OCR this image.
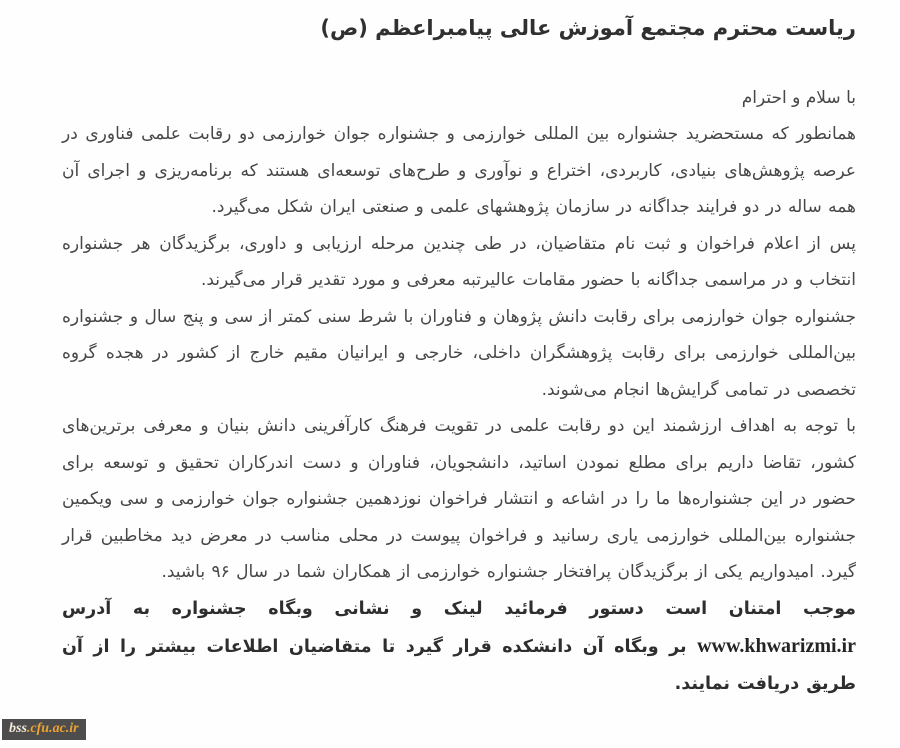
ریاست محترم مجتمع آموزش عالی پیامبراعظم (ص)
با سلام و احترام

همانطور که مستحضرید جشنواره بین المللی خوارزمی و جشنواره جوان خوارزمی دو رقابت علمی فناوری در عرصه پژوهش‌های بنیادی، کاربردی، اختراع و نوآوری و طرح‌های توسعه‌ای هستند که برنامه‌ریزی و اجرای آن همه ساله در دو فرایند جداگانه در سازمان پژوهشهای علمی و صنعتی ایران شکل می‌گیرد.

پس از اعلام فراخوان و ثبت نام متقاضیان، در طی چندین مرحله ارزیابی و داوری، برگزیدگان هر جشنواره انتخاب و در مراسمی جداگانه با حضور مقامات عالیرتبه معرفی و مورد تقدیر قرار می‌گیرند.

جشنواره جوان خوارزمی برای رقابت دانش پژوهان و فناوران با شرط سنی کمتر از سی و پنج سال و جشنواره بین‌المللی خوارزمی برای رقابت پژوهشگران داخلی، خارجی و ایرانیان مقیم خارج از کشور در هجده گروه تخصصی در تمامی گرایش‌ها انجام می‌شوند.

با توجه به اهداف ارزشمند این دو رقابت علمی در تقویت فرهنگ کارآفرینی دانش بنیان و معرفی برترین‌های کشور، تقاضا داریم برای مطلع نمودن اساتید، دانشجویان، فناوران و دست اندرکاران تحقیق و توسعه برای حضور در این جشنواره‌ها ما را در اشاعه و انتشار فراخوان نوزدهمین جشنواره جوان خوارزمی و سی ویکمین جشنواره بین‌المللی خوارزمی یاری رسانید و فراخوان پیوست در محلی مناسب در معرض دید مخاطبین قرار گیرد. امیدواریم یکی از برگزیدگان پرافتخار جشنواره خوارزمی از همکاران شما در سال ۹۶ باشید.

موجب امتنان است دستور فرمائید لینک و نشانی وبگاه جشنواره به آدرس www.khwarizmi.ir بر وبگاه آن دانشکده قرار گیرد تا متقاضیان اطلاعات بیشتر را از آن طریق دریافت نمایند.

bss.cfu.ac.ir
